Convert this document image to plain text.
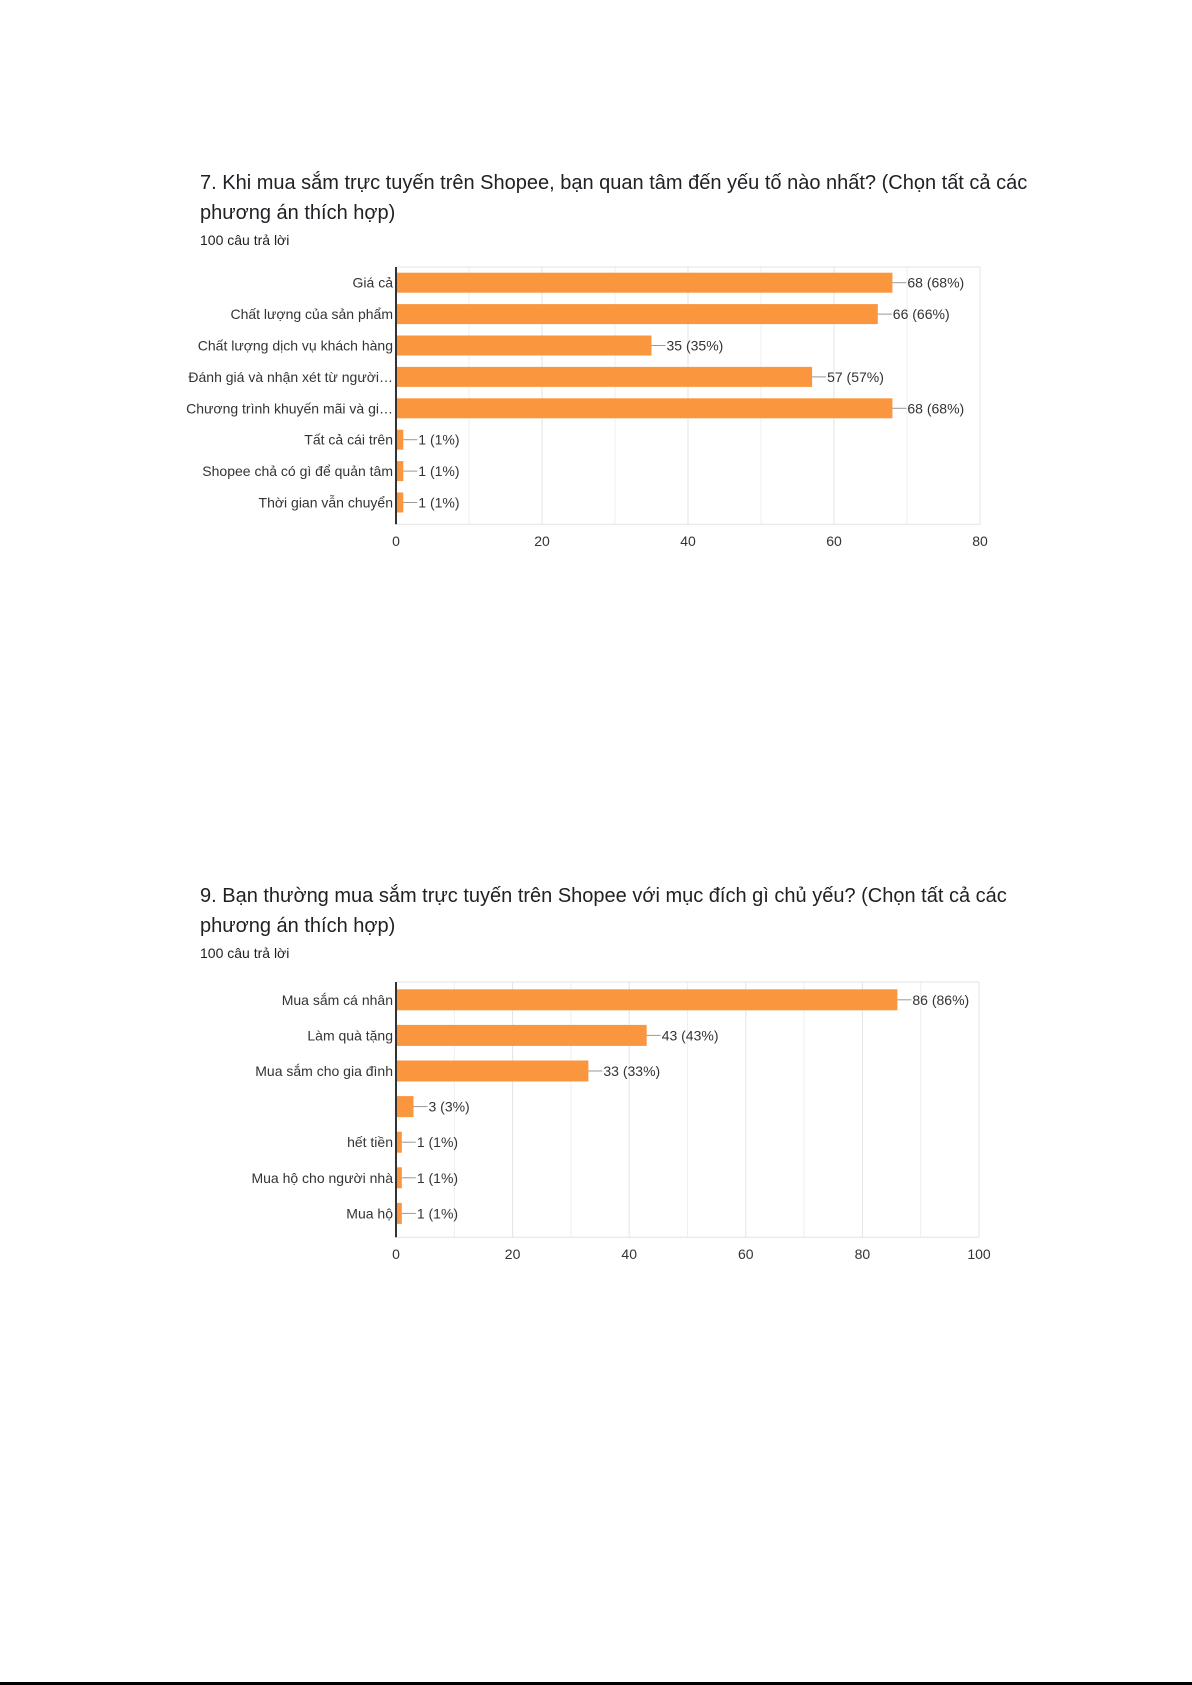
7. Khi mua sắm trực tuyến trên Shopee, bạn quan tâm đến yếu tố nào nhất? (Chọn tất cả các phương án thích hợp)

100 câu trả lời
Giá cả	68 (68%)
Chất lượng của sản phẩm	66 (66%)
Chất lượng dịch vụ khách hàng	35 (35%)
Đánh giá và nhận xét từ người…	57 (57%)
Chương trình khuyến mãi và gi…	68 (68%)
Tất cả cái trên 1 (1%)
Shopee chả có gì để quản tâm 1 (1%)
Thời gian vẫn chuyển 1 (1%)
0	20	40	60	80

9. Bạn thường mua sắm trực tuyến trên Shopee với mục đích gì chủ yếu? (Chọn tất cả các phương án thích hợp)

100 câu trả lời
Mua sắm cá nhân	86 (86%)
Làm quà tặng	43 (43%)
Mua sắm cho gia đình	33 (33%)
3 (3%)
hết tiền 1 (1%)
Mua hộ cho người nhà 1 (1%)
Mua hộ 1 (1%)
0	20	40	60	80	100
